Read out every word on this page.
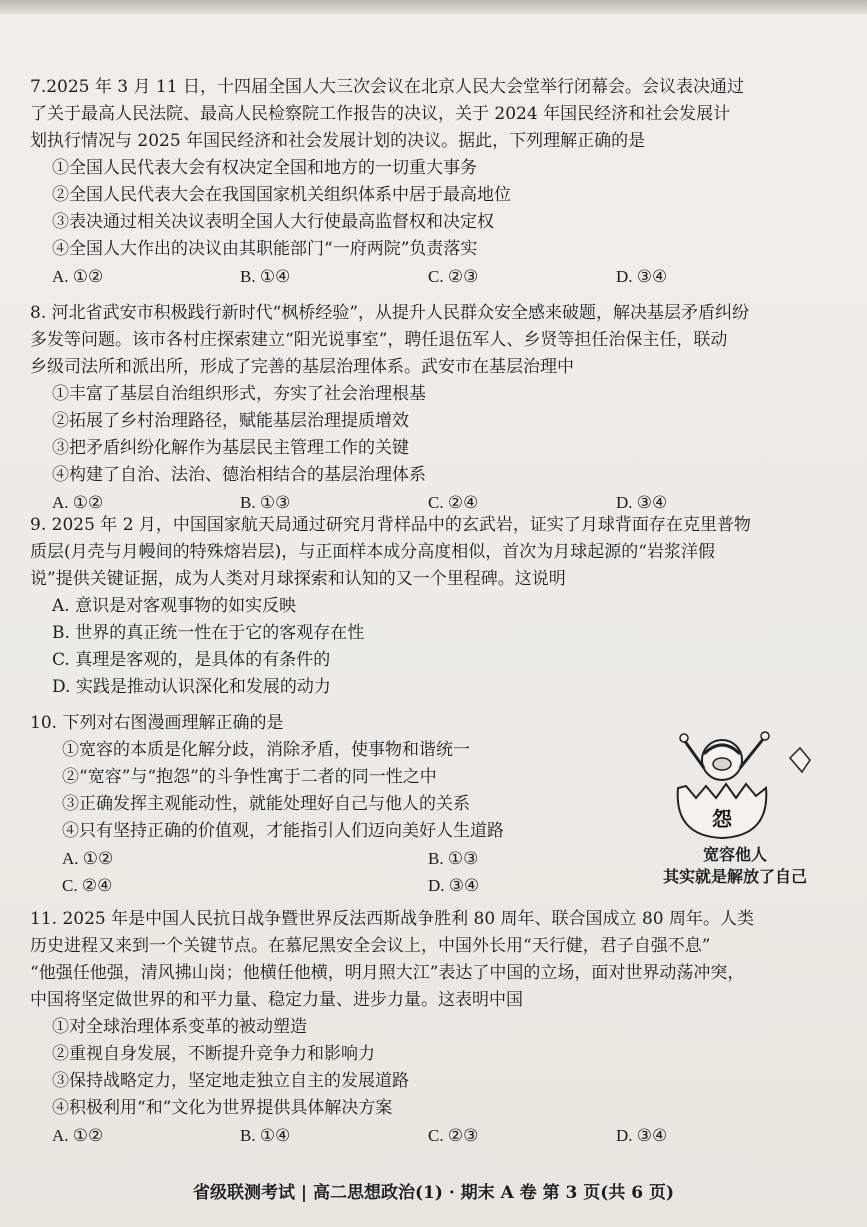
7.2025 年 3 月 11 日，十四届全国人大三次会议在北京人民大会堂举行闭幕会。会议表决通过

了关于最高人民法院、最高人民检察院工作报告的决议，关于 2024 年国民经济和社会发展计

划执行情况与 2025 年国民经济和社会发展计划的决议。据此，下列理解正确的是

①全国人民代表大会有权决定全国和地方的一切重大事务

②全国人民代表大会在我国国家机关组织体系中居于最高地位

③表决通过相关决议表明全国人大行使最高监督权和决定权

④全国人大作出的决议由其职能部门“一府两院”负责落实

A. ①②	B. ①④	C. ②③	D. ③④

8. 河北省武安市积极践行新时代“枫桥经验”，从提升人民群众安全感来破题，解决基层矛盾纠纷

多发等问题。该市各村庄探索建立“阳光说事室”，聘任退伍军人、乡贤等担任治保主任，联动

乡级司法所和派出所，形成了完善的基层治理体系。武安市在基层治理中

①丰富了基层自治组织形式，夯实了社会治理根基

②拓展了乡村治理路径，赋能基层治理提质增效

③把矛盾纠纷化解作为基层民主管理工作的关键

④构建了自治、法治、德治相结合的基层治理体系

A. ①②	B. ①③	C. ②④	D. ③④

9. 2025 年 2 月，中国国家航天局通过研究月背样品中的玄武岩，证实了月球背面存在克里普物

质层(月壳与月幔间的特殊熔岩层)，与正面样本成分高度相似，首次为月球起源的“岩浆洋假

说”提供关键证据，成为人类对月球探索和认知的又一个里程碑。这说明

A. 意识是对客观事物的如实反映

B. 世界的真正统一性在于它的客观存在性

C. 真理是客观的，是具体的有条件的

D. 实践是推动认识深化和发展的动力

10. 下列对右图漫画理解正确的是

①宽容的本质是化解分歧，消除矛盾，使事物和谐统一

②“宽容”与“抱怨”的斗争性寓于二者的同一性之中

③正确发挥主观能动性，就能处理好自己与他人的关系

④只有坚持正确的价值观，才能指引人们迈向美好人生道路

A. ①②	B. ①③
C. ②④	D. ③④
怨
宽容他人
其实就是解放了自己

11. 2025 年是中国人民抗日战争暨世界反法西斯战争胜利 80 周年、联合国成立 80 周年。人类

历史进程又来到一个关键节点。在慕尼黑安全会议上，中国外长用“天行健，君子自强不息”

“他强任他强，清风拂山岗；他横任他横，明月照大江”表达了中国的立场，面对世界动荡冲突，

中国将坚定做世界的和平力量、稳定力量、进步力量。这表明中国

①对全球治理体系变革的被动塑造

②重视自身发展，不断提升竞争力和影响力

③保持战略定力，坚定地走独立自主的发展道路

④积极利用“和”文化为世界提供具体解决方案

A. ①②	B. ①④	C. ②③	D. ③④
省级联测考试 | 高二思想政治(1) · 期末 A 卷 第 3 页(共 6 页)
